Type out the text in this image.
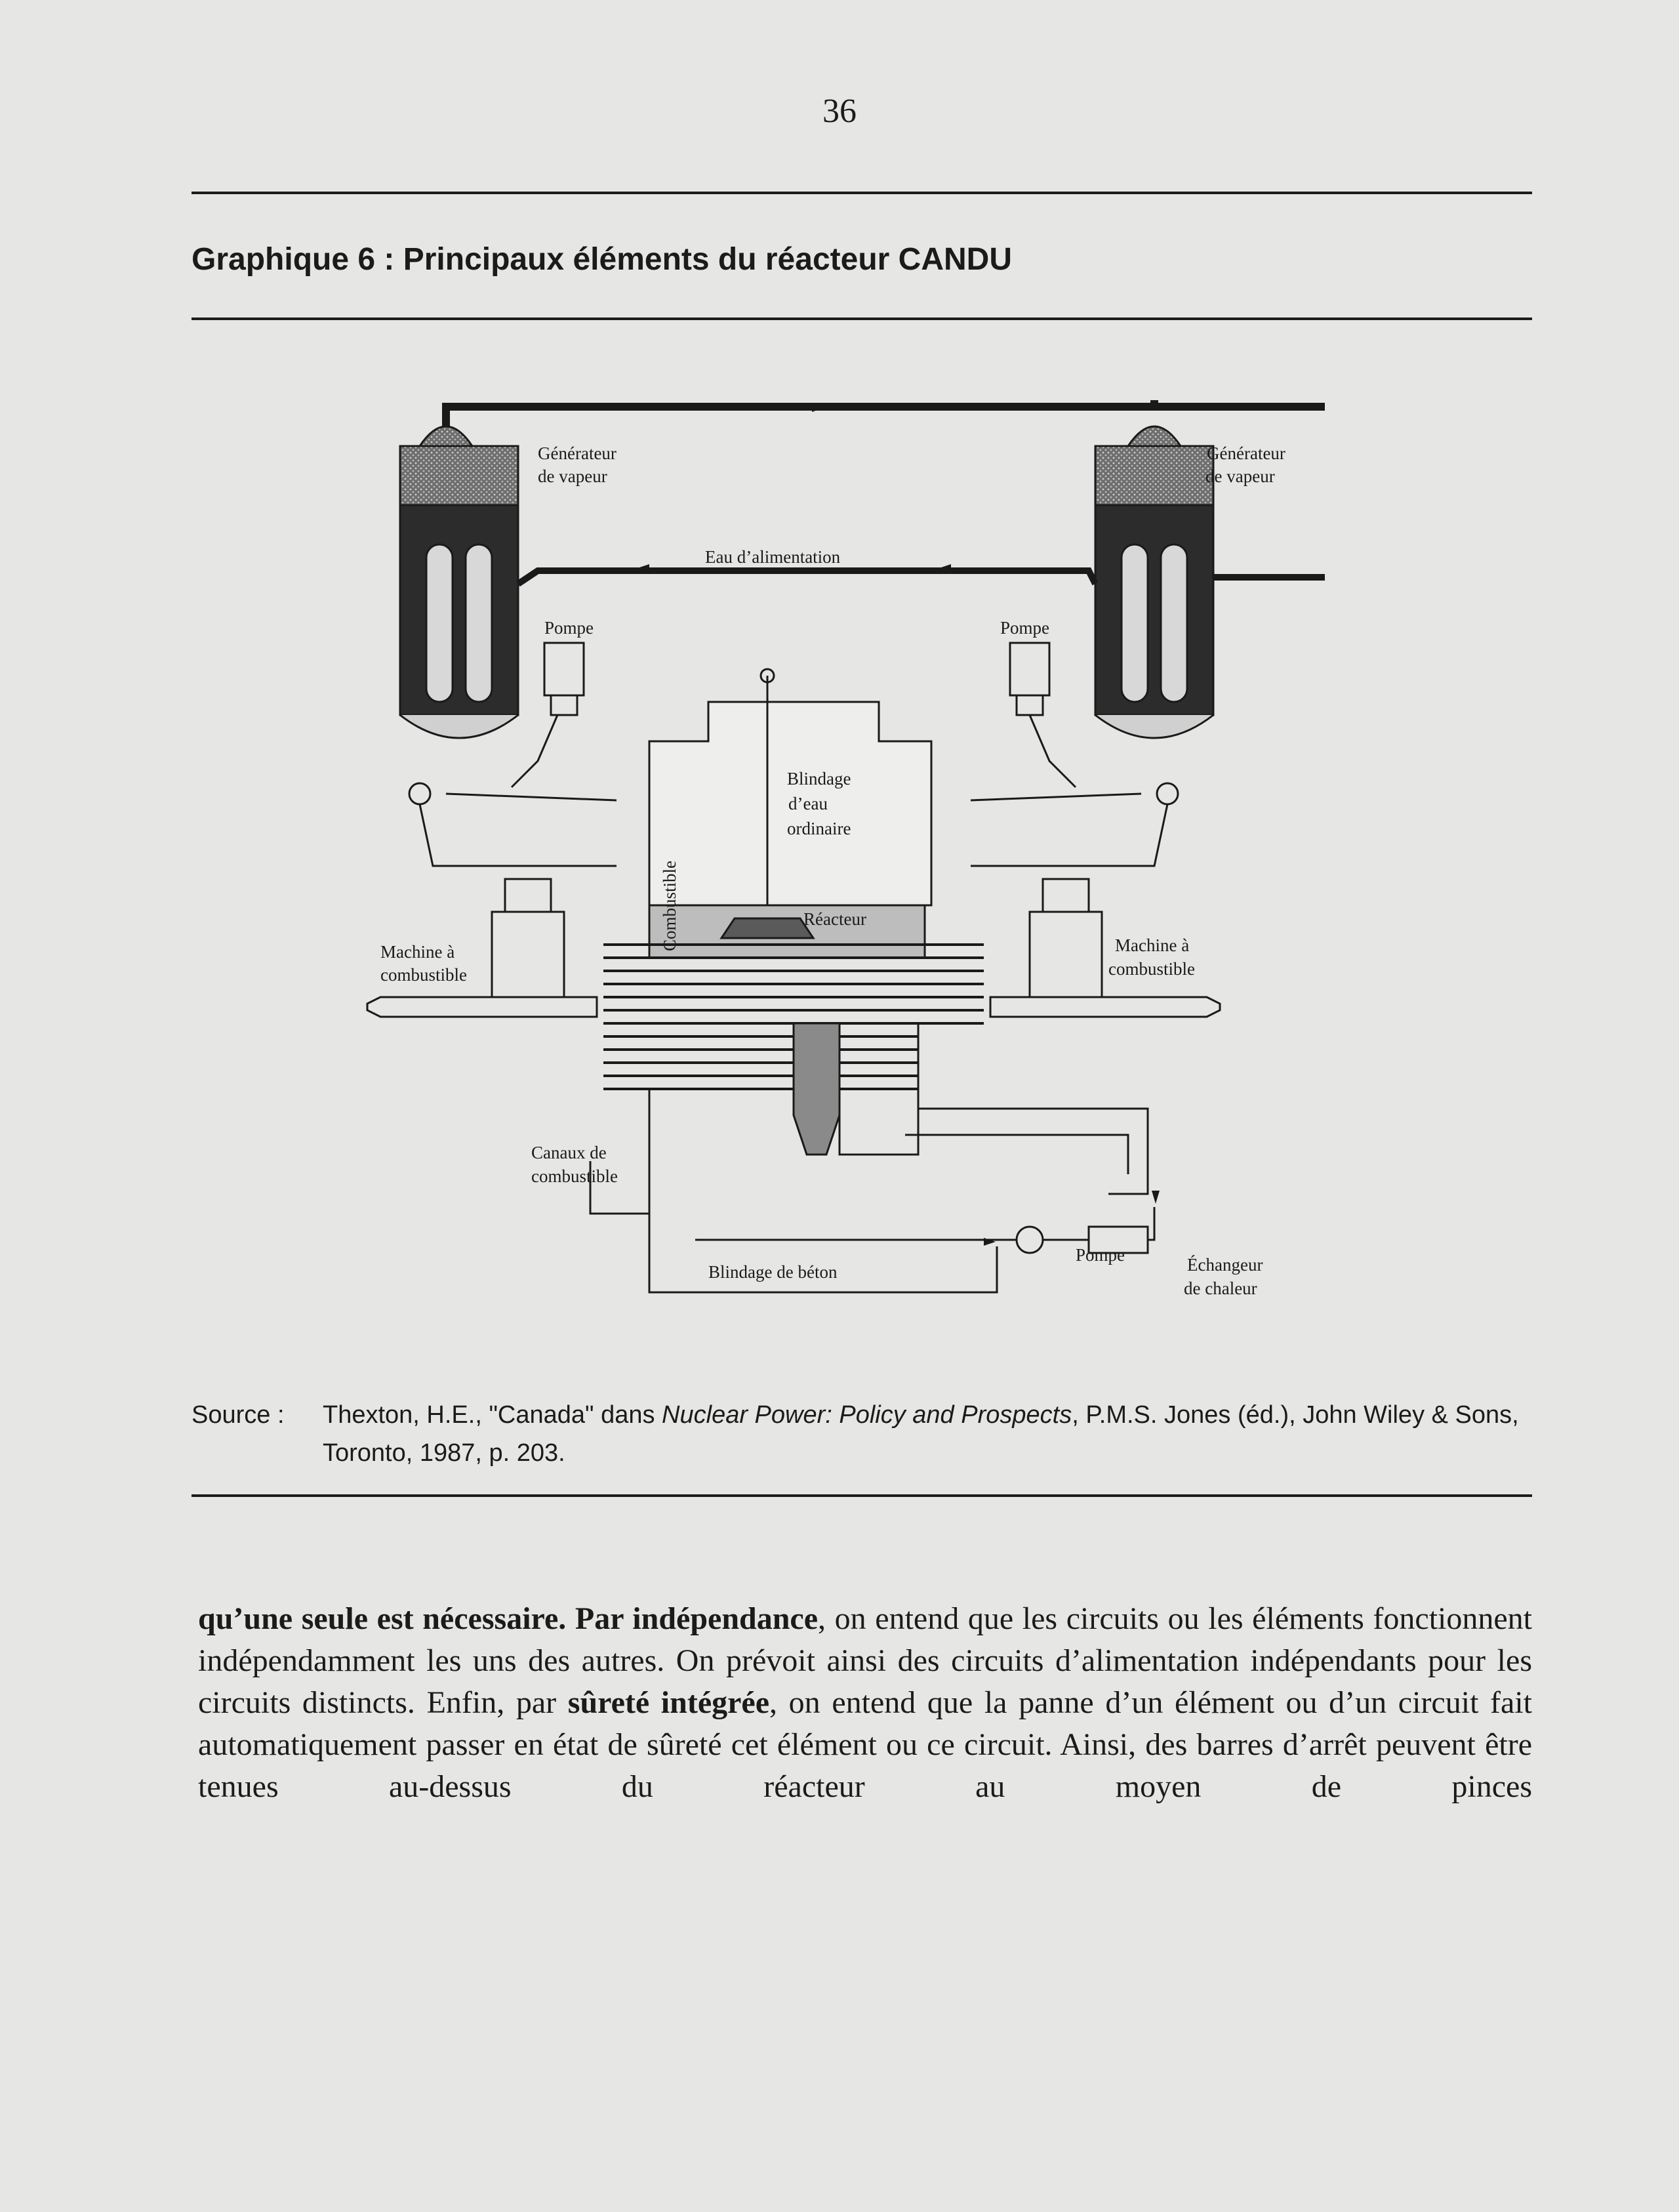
36
Graphique 6 : Principaux éléments du réacteur CANDU
Générateur
de vapeur
Générateur
de vapeur
Eau d’alimentation
Pompe	Pompe
Blindage
d’eau
ordinaire
Combustible	Réacteur
Machine à
combustible
Machine à
combustible
Canaux de
combustible
Pompe	Échangeur
de chaleur
Blindage de béton
Source : Thexton, H.E., "Canada" dans Nuclear Power: Policy and Prospects, P.M.S. Jones (éd.), John Wiley & Sons, Toronto, 1987, p. 203.

qu’une seule est nécessaire. Par indépendance, on entend que les circuits ou les éléments fonctionnent indépendamment les uns des autres. On prévoit ainsi des circuits d’alimentation indépendants pour les circuits distincts. Enfin, par sûreté intégrée, on entend que la panne d’un élément ou d’un circuit fait automatiquement passer en état de sûreté cet élément ou ce circuit. Ainsi, des barres d’arrêt peuvent être tenues au-dessus du réacteur au moyen de pinces
